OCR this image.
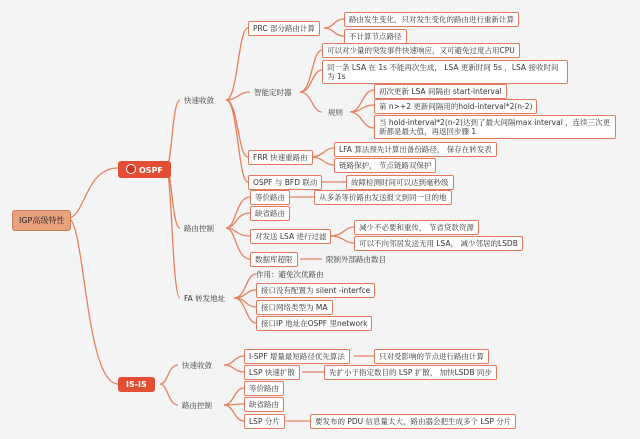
IGP高级特性
OSPF
IS-IS
快速收敛
路由控制
FA 转发地址
PRC 部分路由计算
路由发生变化，只对发生变化的路由进行重新计算
不计算节点路径
智能定时器
可以对少量的突发事件快速响应，又可避免过度占用CPU
同一条 LSA 在 1s 不能再次生成， LSA 更新时间 5s ，LSA 接收时间为 1s
规则
初次更新 LSA 间隔由 start-interval
第 n>+2 更新间隔用的hold-interval*2(n-2)
当 hold-interval*2(n-2)达到了最大间隔max interval ，连续三次更新都是最大值，再返回步骤 1
FRR 快速重路由
LFA 算法预先计算出备份路径， 保存在转发表
链路保护， 节点链路双保护
OSPF 与 BFD 联动	故障检测时间可以达到毫秒级
等价路由	从多条等价路由发送报文到同一目的地
缺省路由
对发送 LSA 进行过滤
减少不必要和重传， 节省贷款资源
可以不向邻居发送无用 LSA， 减少邻居的LSDB
数据库超限	限制外部路由数目
作用：避免次优路由
接口没有配置为 silent -interfce
接口网络类型为 MA
接口IP 地址在OSPF 里network
快速收敛
路由控制
I-SPF 增量最短路径优先算法	只对受影响的节点进行路由计算
LSP 快速扩散	先扩小于指定数目的 LSP 扩散， 加快LSDB 同步
等价路由
缺省路由
LSP 分片	要发布的 PDU 信息量太大，路由器会把生成多个 LSP 分片
